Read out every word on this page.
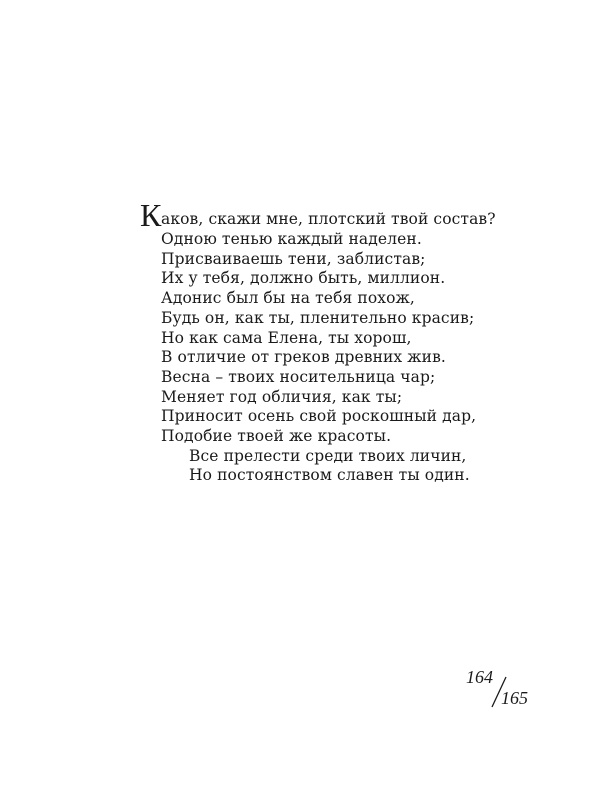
К аков, скажи мне, плотский твой состав?
Одною тенью каждый наделен.
Присваиваешь тени, заблистав;
Их у тебя, должно быть, миллион.
Адонис был бы на тебя похож,
Будь он, как ты, пленительно красив;
Но как сама Елена, ты хорош,
В отличие от греков древних жив.
Весна – твоих носительница чар;
Меняет год обличия, как ты;
Приносит осень свой роскошный дар,
Подобие твоей же красоты.
Все прелести среди твоих личин,
Но постоянством славен ты один.
164
165
